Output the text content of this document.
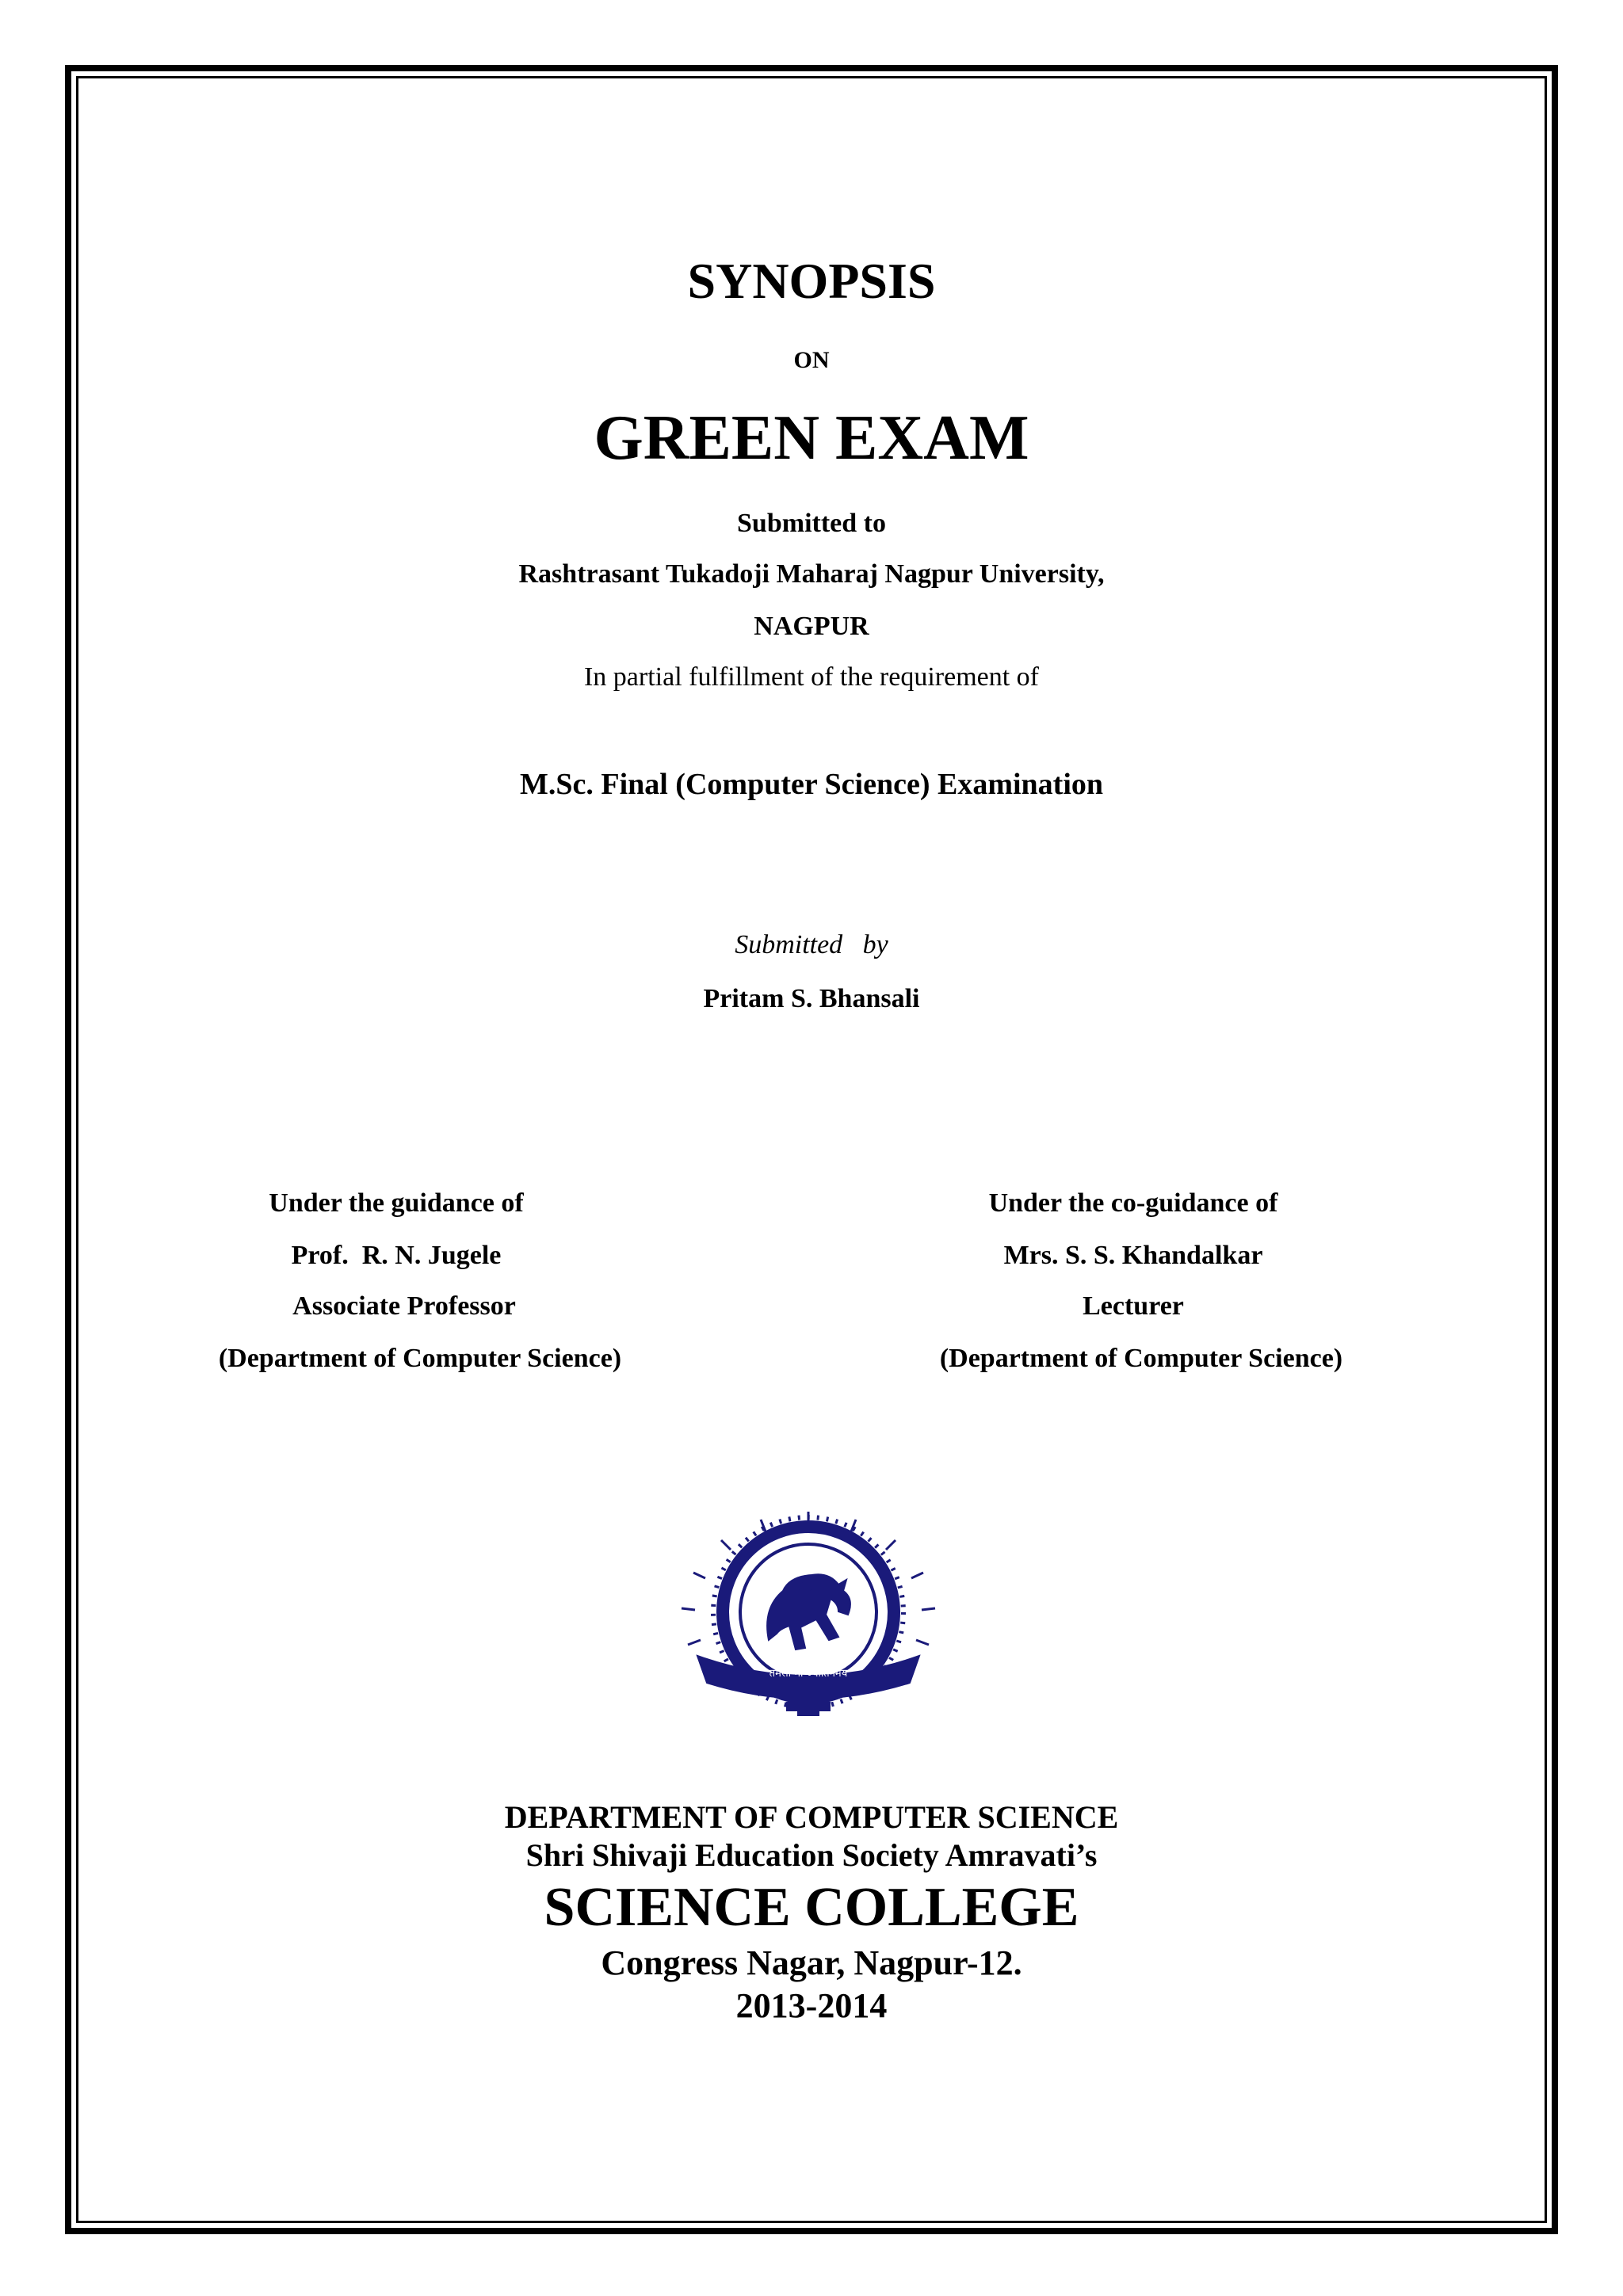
SYNOPSIS
ON
GREEN EXAM
Submitted to
Rashtrasant Tukadoji Maharaj Nagpur University,
NAGPUR
In partial fulfillment of the requirement of
M.Sc. Final (Computer Science) Examination
Submitted   by
Pritam S. Bhansali
Under the guidance of
Prof.  R. N. Jugele
Associate Professor
(Department of Computer Science)
Under the co-guidance of
Mrs. S. S. Khandalkar
Lecturer
(Department of Computer Science)
तमसो मा ज्योतिर्गमय
DEPARTMENT OF COMPUTER SCIENCE
Shri Shivaji Education Society Amravati’s
SCIENCE COLLEGE
Congress Nagar, Nagpur-12.
2013-2014
